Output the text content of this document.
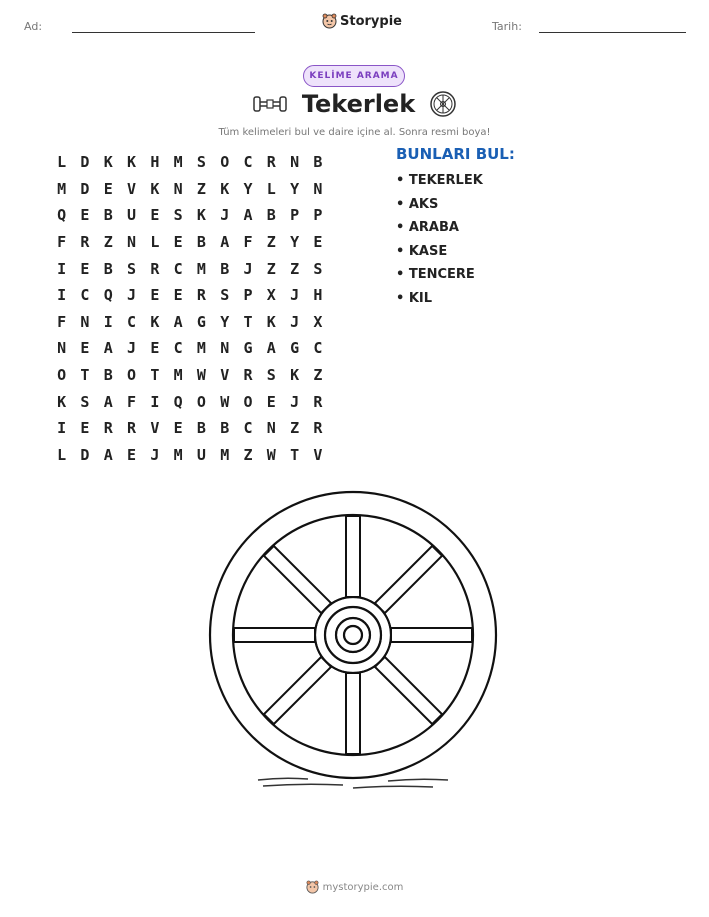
Ad:	Storypie	Tarih:
KELİME ARAMA
Tekerlek
Tüm kelimeleri bul ve daire içine al. Sonra resmi boya!
L D K K H M S O C R N B
M D E V K N Z K Y L Y N
Q E B U E S K J A B P P
F R Z N L E B A F Z Y E
I E B S R C M B J Z Z S
I C Q J E E R S P X J H
F N I C K A G Y T K J X
N E A J E C M N G A G C
O T B O T M W V R S K Z
K S A F I Q O W O E J R
I E R R V E B B C N Z R
L D A E J M U M Z W T V
BUNLARI BUL:
• TEKERLEK
• AKS
• ARABA
• KASE
• TENCERE
• KIL
mystorypie.com
